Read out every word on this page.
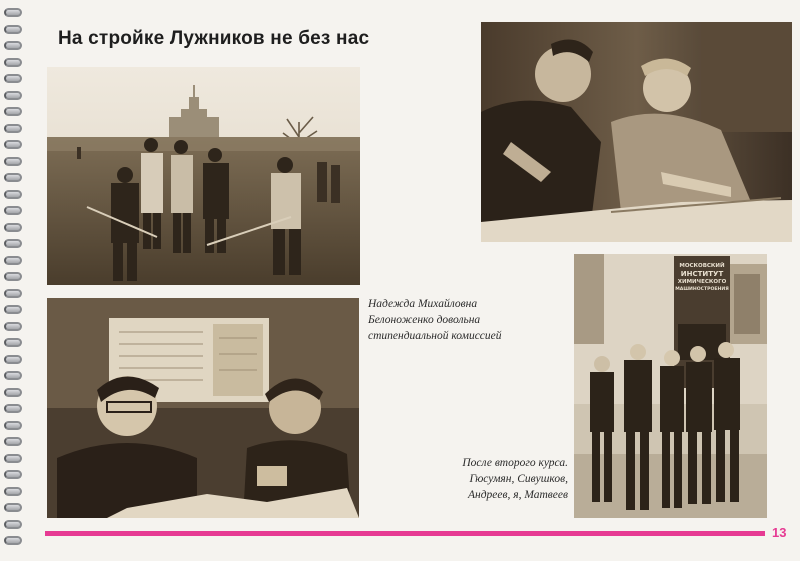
На стройке Лужников не без нас
МОСКОВСКИЙ
ИНСТИТУТ
ХИМИЧЕСКОГО
МАШИНОСТРОЕНИЯ
Надежда Михайловна
Белоноженко довольна
стипендиальной комиссией
После второго курса.
Гюсумян, Сивушков,
Андреев, я, Матвеев
13
